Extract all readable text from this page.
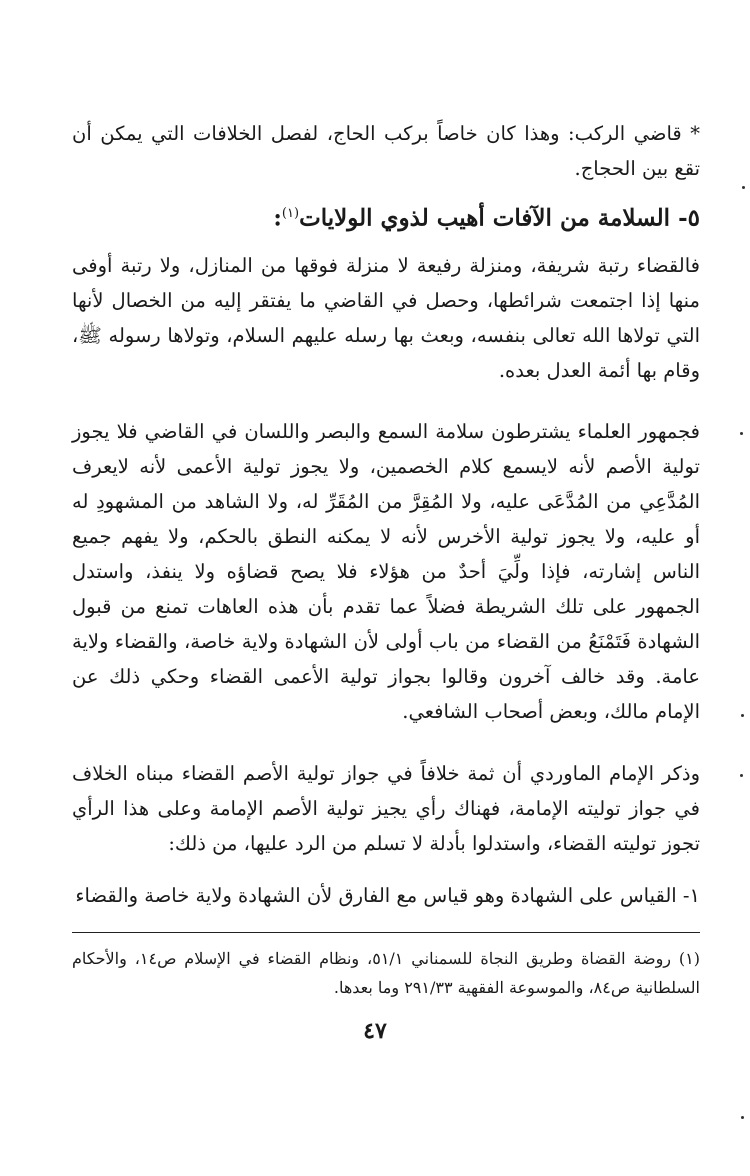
* قاضي الركب: وهذا كان خاصاً بركب الحاج، لفصل الخلافات التي يمكن أن تقع بين الحجاج.

٥- السلامة من الآفات أهيب لذوي الولايات$^{(١)}$:

فالقضاء رتبة شريفة، ومنزلة رفيعة لا منزلة فوقها من المنازل، ولا رتبة أوفى منها إذا اجتمعت شرائطها، وحصل في القاضي ما يفتقر إليه من الخصال لأنها التي تولاها الله تعالى بنفسه، وبعث بها رسله عليهم السلام، وتولاها رسوله ﷺ، وقام بها أئمة العدل بعده.

فجمهور العلماء يشترطون سلامة السمع والبصر واللسان في القاضي فلا يجوز تولية الأصم لأنه لايسمع كلام الخصمين، ولا يجوز تولية الأعمى لأنه لايعرف المُدَّعِي من المُدَّعَى عليه، ولا المُقِرَّ من المُقَرِّ له، ولا الشاهد من المشهودِ له أو عليه، ولا يجوز تولية الأخرس لأنه لا يمكنه النطق بالحكم، ولا يفهم جميع الناس إشارته، فإذا ولِّيَ أحدٌ من هؤلاء فلا يصح قضاؤه ولا ينفذ، واستدل الجمهور على تلك الشريطة فضلاً عما تقدم بأن هذه العاهات تمنع من قبول الشهادة فَتَمْنَعُ من القضاء من باب أولى لأن الشهادة ولاية خاصة، والقضاء ولاية عامة. وقد خالف آخرون وقالوا بجواز تولية الأعمى القضاء وحكي ذلك عن الإمام مالك، وبعض أصحاب الشافعي.

وذكر الإمام الماوردي أن ثمة خلافاً في جواز تولية الأصم القضاء مبناه الخلاف في جواز توليته الإمامة، فهناك رأي يجيز تولية الأصم الإمامة وعلى هذا الرأي تجوز توليته القضاء، واستدلوا بأدلة لا تسلم من الرد عليها، من ذلك:

١- القياس على الشهادة وهو قياس مع الفارق لأن الشهادة ولاية خاصة والقضاء

(١) روضة القضاة وطريق النجاة للسمناني ٥١/١، ونظام القضاء في الإسلام ص١٤، والأحكام السلطانية ص٨٤، والموسوعة الفقهية ٢٩١/٣٣ وما بعدها.

٤٧
